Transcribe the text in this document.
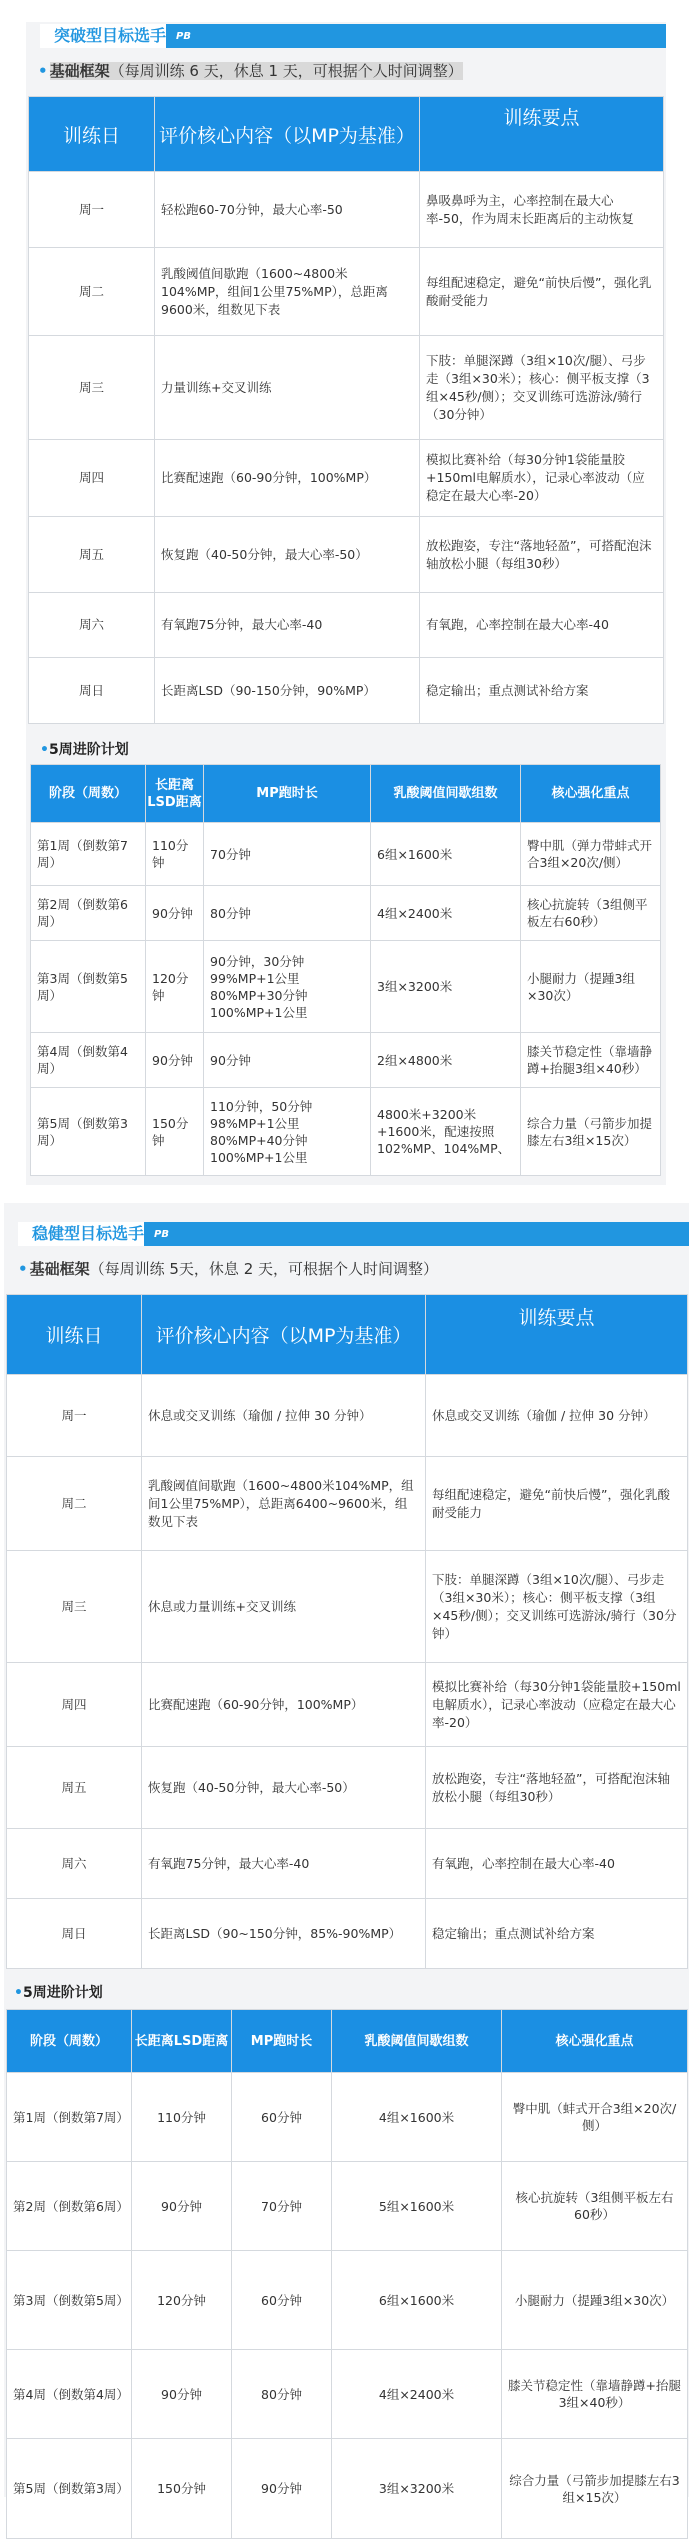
突破型目标选手 PB
• 基础框架（每周训练 6 天，休息 1 天，可根据个人时间调整）
训练日	评价核心内容（以MP为基准）	训练要点
周一	轻松跑60-70分钟，最大心率-50	鼻吸鼻呼为主，心率控制在最大心率-50，作为周末长距离后的主动恢复
周二	乳酸阈值间歇跑（1600~4800米104%MP，组间1公里75%MP），总距离9600米，组数见下表	每组配速稳定，避免“前快后慢”，强化乳酸耐受能力
周三	力量训练+交叉训练	下肢：单腿深蹲（3组×10次/腿）、弓步走（3组×30米）；核心：侧平板支撑（3组×45秒/侧）；交叉训练可选游泳/骑行（30分钟）
周四	比赛配速跑（60-90分钟，100%MP）	模拟比赛补给（每30分钟1袋能量胶+150ml电解质水），记录心率波动（应稳定在最大心率-20）
周五	恢复跑（40-50分钟，最大心率-50）	放松跑姿，专注“落地轻盈”，可搭配泡沫轴放松小腿（每组30秒）
周六	有氧跑75分钟，最大心率-40	有氧跑，心率控制在最大心率-40
周日	长距离LSD（90-150分钟，90%MP）	稳定输出；重点测试补给方案
•5周进阶计划
阶段（周数）	长距离LSD距离	MP跑时长	乳酸阈值间歇组数	核心强化重点
第1周（倒数第7周）	110分钟	70分钟	6组×1600米	臀中肌（弹力带蚌式开合3组×20次/侧）
第2周（倒数第6周）	90分钟	80分钟	4组×2400米	核心抗旋转（3组侧平板左右60秒）
第3周（倒数第5周）	120分钟	90分钟，30分钟99%MP+1公里80%MP+30分钟100%MP+1公里	3组×3200米	小腿耐力（提踵3组×30次）
第4周（倒数第4周）	90分钟	90分钟	2组×4800米	膝关节稳定性（靠墙静蹲+抬腿3组×40秒）
第5周（倒数第3周）	150分钟	110分钟，50分钟98%MP+1公里80%MP+40分钟100%MP+1公里	4800米+3200米+1600米，配速按照102%MP、104%MP、	综合力量（弓箭步加提膝左右3组×15次）
稳健型目标选手 PB
• 基础框架（每周训练 5天，休息 2 天，可根据个人时间调整）
训练日	评价核心内容（以MP为基准）	训练要点
周一	休息或交叉训练（瑜伽 / 拉伸 30 分钟）	休息或交叉训练（瑜伽 / 拉伸 30 分钟）
周二	乳酸阈值间歇跑（1600~4800米104%MP，组间1公里75%MP），总距离6400~9600米，组数见下表	每组配速稳定，避免“前快后慢”，强化乳酸耐受能力
周三	休息或力量训练+交叉训练	下肢：单腿深蹲（3组×10次/腿）、弓步走（3组×30米）；核心：侧平板支撑（3组×45秒/侧）；交叉训练可选游泳/骑行（30分钟）
周四	比赛配速跑（60-90分钟，100%MP）	模拟比赛补给（每30分钟1袋能量胶+150ml电解质水），记录心率波动（应稳定在最大心率-20）
周五	恢复跑（40-50分钟，最大心率-50）	放松跑姿，专注“落地轻盈”，可搭配泡沫轴放松小腿（每组30秒）
周六	有氧跑75分钟，最大心率-40	有氧跑，心率控制在最大心率-40
周日	长距离LSD（90~150分钟，85%-90%MP）	稳定输出；重点测试补给方案
•5周进阶计划
阶段（周数）	长距离LSD距离	MP跑时长	乳酸阈值间歇组数	核心强化重点
第1周（倒数第7周）	110分钟	60分钟	4组×1600米	臀中肌（蚌式开合3组×20次/侧）
第2周（倒数第6周）	90分钟	70分钟	5组×1600米	核心抗旋转（3组侧平板左右60秒）
第3周（倒数第5周）	120分钟	60分钟	6组×1600米	小腿耐力（提踵3组×30次）
第4周（倒数第4周）	90分钟	80分钟	4组×2400米	膝关节稳定性（靠墙静蹲+抬腿3组×40秒）
第5周（倒数第3周）	150分钟	90分钟	3组×3200米	综合力量（弓箭步加提膝左右3组×15次）
